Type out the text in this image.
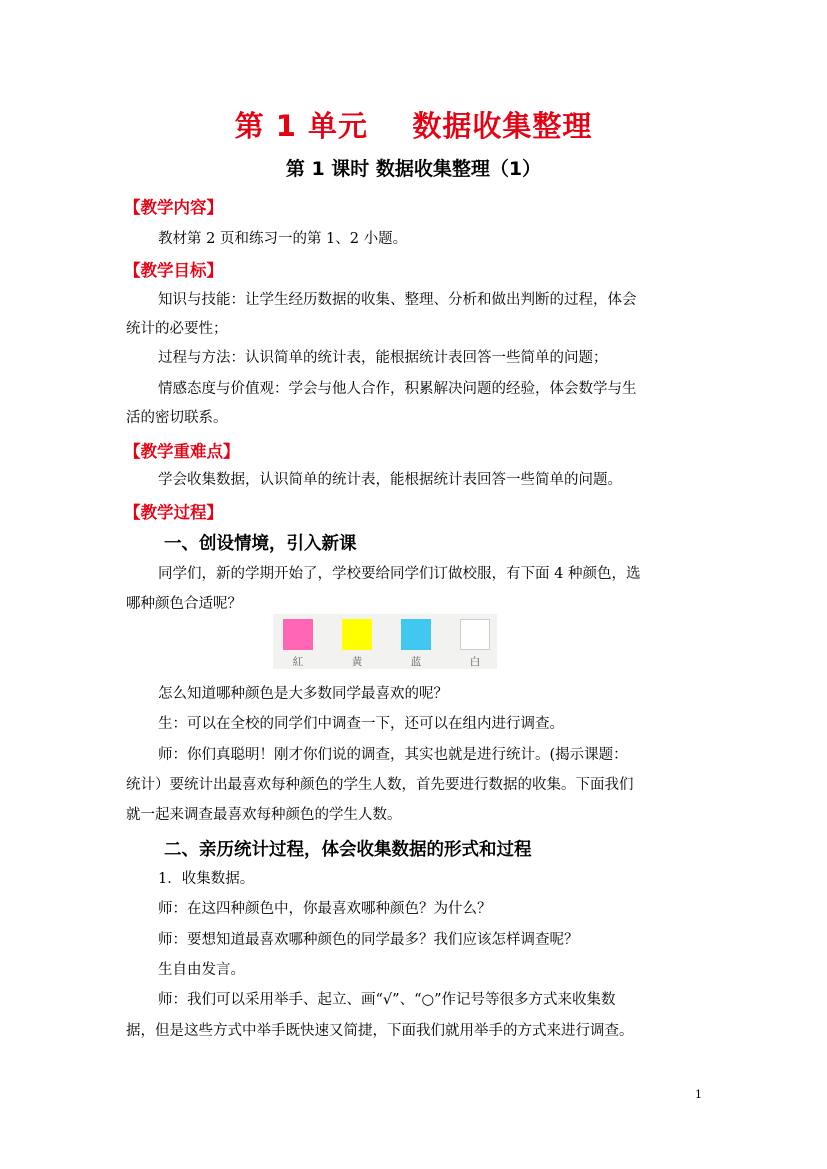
第 1 单元    数据收集整理
第 1 课时 数据收集整理（1）
【教学内容】
教材第 2 页和练习一的第 1、2 小题。
【教学目标】
知识与技能：让学生经历数据的收集、整理、分析和做出判断的过程，体会
统计的必要性；
过程与方法：认识简单的统计表，能根据统计表回答一些简单的问题；
情感态度与价值观：学会与他人合作，积累解决问题的经验，体会数学与生
活的密切联系。
【教学重难点】
学会收集数据，认识简单的统计表，能根据统计表回答一些简单的问题。
【教学过程】
一、创设情境，引入新课
同学们，新的学期开始了，学校要给同学们订做校服，有下面 4 种颜色，选
哪种颜色合适呢？
紅	黄	蓝	白
怎么知道哪种颜色是大多数同学最喜欢的呢？
生：可以在全校的同学们中调查一下，还可以在组内进行调查。
师：你们真聪明！刚才你们说的调查，其实也就是进行统计。(揭示课题：
统计）要统计出最喜欢每种颜色的学生人数，首先要进行数据的收集。下面我们
就一起来调查最喜欢每种颜色的学生人数。
二、亲历统计过程，体会收集数据的形式和过程
1．收集数据。
师：在这四种颜色中，你最喜欢哪种颜色？为什么？
师：要想知道最喜欢哪种颜色的同学最多？我们应该怎样调查呢？
生自由发言。
师：我们可以采用举手、起立、画“√”、“○”作记号等很多方式来收集数
据，但是这些方式中举手既快速又简捷，下面我们就用举手的方式来进行调查。
1
